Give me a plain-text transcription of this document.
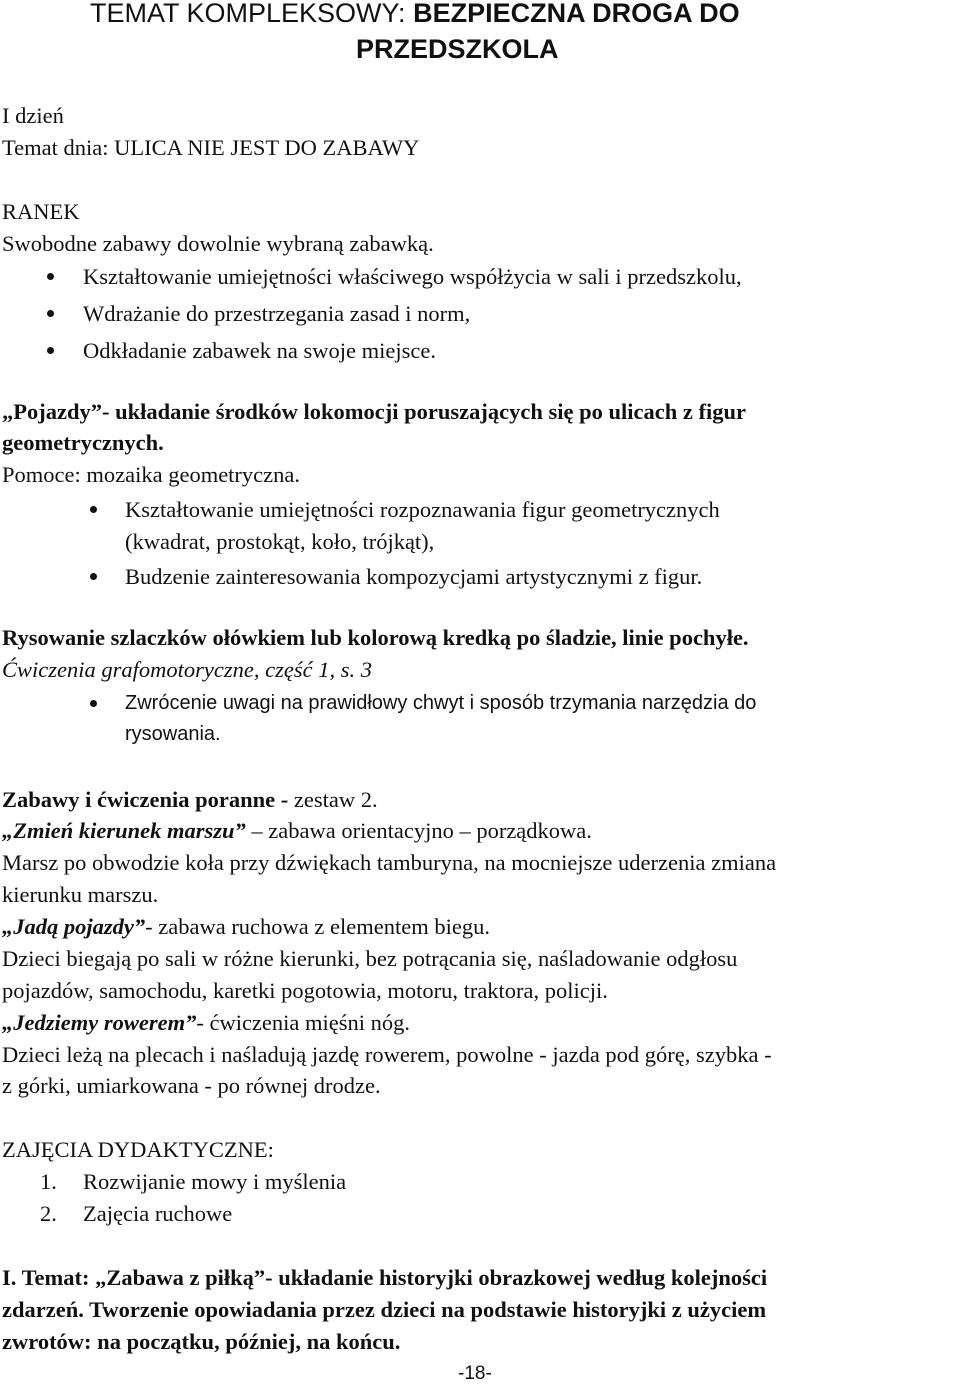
TEMAT KOMPLEKSOWY: BEZPIECZNA DROGA DO
PRZEDSZKOLA
I dzień
Temat dnia: ULICA NIE JEST DO ZABAWY
RANEK
Swobodne zabawy dowolnie wybraną zabawką.
Kształtowanie umiejętności właściwego współżycia w sali i przedszkolu,
Wdrażanie do przestrzegania zasad i norm,
Odkładanie zabawek na swoje miejsce.
„Pojazdy”- układanie środków lokomocji poruszających się po ulicach z figur
geometrycznych.
Pomoce: mozaika geometryczna.
Kształtowanie umiejętności rozpoznawania figur geometrycznych
(kwadrat, prostokąt, koło, trójkąt),
Budzenie zainteresowania kompozycjami artystycznymi z figur.
Rysowanie szlaczków ołówkiem lub kolorową kredką po śladzie, linie pochyłe.
Ćwiczenia grafomotoryczne, część 1, s. 3
Zwrócenie uwagi na prawidłowy chwyt i sposób trzymania narzędzia do
rysowania.
Zabawy i ćwiczenia poranne - zestaw 2.
„Zmień kierunek marszu” – zabawa orientacyjno – porządkowa.
Marsz po obwodzie koła przy dźwiękach tamburyna, na mocniejsze uderzenia zmiana
kierunku marszu.
„Jadą pojazdy”- zabawa ruchowa z elementem biegu.
Dzieci biegają po sali w różne kierunki, bez potrącania się, naśladowanie odgłosu
pojazdów, samochodu, karetki pogotowia, motoru, traktora, policji.
„Jedziemy rowerem”- ćwiczenia mięśni nóg.
Dzieci leżą na plecach i naśladują jazdę rowerem, powolne - jazda pod górę, szybka -
z górki, umiarkowana - po równej drodze.
ZAJĘCIA DYDAKTYCZNE:
1. Rozwijanie mowy i myślenia
2. Zajęcia ruchowe
I. Temat: „Zabawa z piłką”- układanie historyjki obrazkowej według kolejności
zdarzeń. Tworzenie opowiadania przez dzieci na podstawie historyjki z użyciem
zwrotów: na początku, później, na końcu.
-18-
